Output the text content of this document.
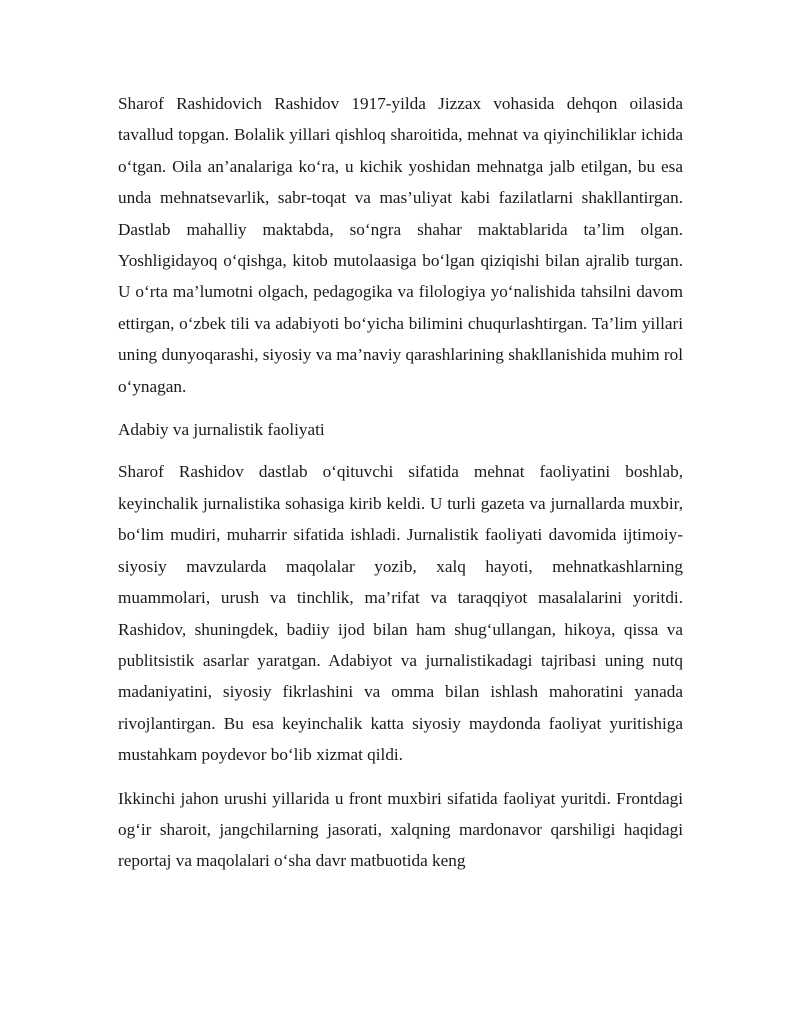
Sharof Rashidovich Rashidov 1917-yilda Jizzax vohasida dehqon oilasida tavallud topgan. Bolalik yillari qishloq sharoitida, mehnat va qiyinchiliklar ichida o‘tgan. Oila an’analariga ko‘ra, u kichik yoshidan mehnatga jalb etilgan, bu esa unda mehnatsevarlik, sabr-toqat va mas’uliyat kabi fazilatlarni shakllantirgan. Dastlab mahalliy maktabda, so‘ngra shahar maktablarida ta’lim olgan. Yoshligidayoq o‘qishga, kitob mutolaasiga bo‘lgan qiziqishi bilan ajralib turgan. U o‘rta ma’lumotni olgach, pedagogika va filologiya yo‘nalishida tahsilni davom ettirgan, o‘zbek tili va adabiyoti bo‘yicha bilimini chuqurlashtirgan. Ta’lim yillari uning dunyoqarashi, siyosiy va ma’naviy qarashlarining shakllanishida muhim rol o‘ynagan.

Adabiy va jurnalistik faoliyati

Sharof Rashidov dastlab o‘qituvchi sifatida mehnat faoliyatini boshlab, keyinchalik jurnalistika sohasiga kirib keldi. U turli gazeta va jurnallarda muxbir, bo‘lim mudiri, muharrir sifatida ishladi. Jurnalistik faoliyati davomida ijtimoiy-siyosiy mavzularda maqolalar yozib, xalq hayoti, mehnatkashlarning muammolari, urush va tinchlik, ma’rifat va taraqqiyot masalalarini yoritdi. Rashidov, shuningdek, badiiy ijod bilan ham shug‘ullangan, hikoya, qissa va publitsistik asarlar yaratgan. Adabiyot va jurnalistikadagi tajribasi uning nutq madaniyatini, siyosiy fikrlashini va omma bilan ishlash mahoratini yanada rivojlantirgan. Bu esa keyinchalik katta siyosiy maydonda faoliyat yuritishiga mustahkam poydevor bo‘lib xizmat qildi.

Ikkinchi jahon urushi yillarida u front muxbiri sifatida faoliyat yuritdi. Frontdagi og‘ir sharoit, jangchilarning jasorati, xalqning mardonavor qarshiligi haqidagi reportaj va maqolalari o‘sha davr matbuotida keng
